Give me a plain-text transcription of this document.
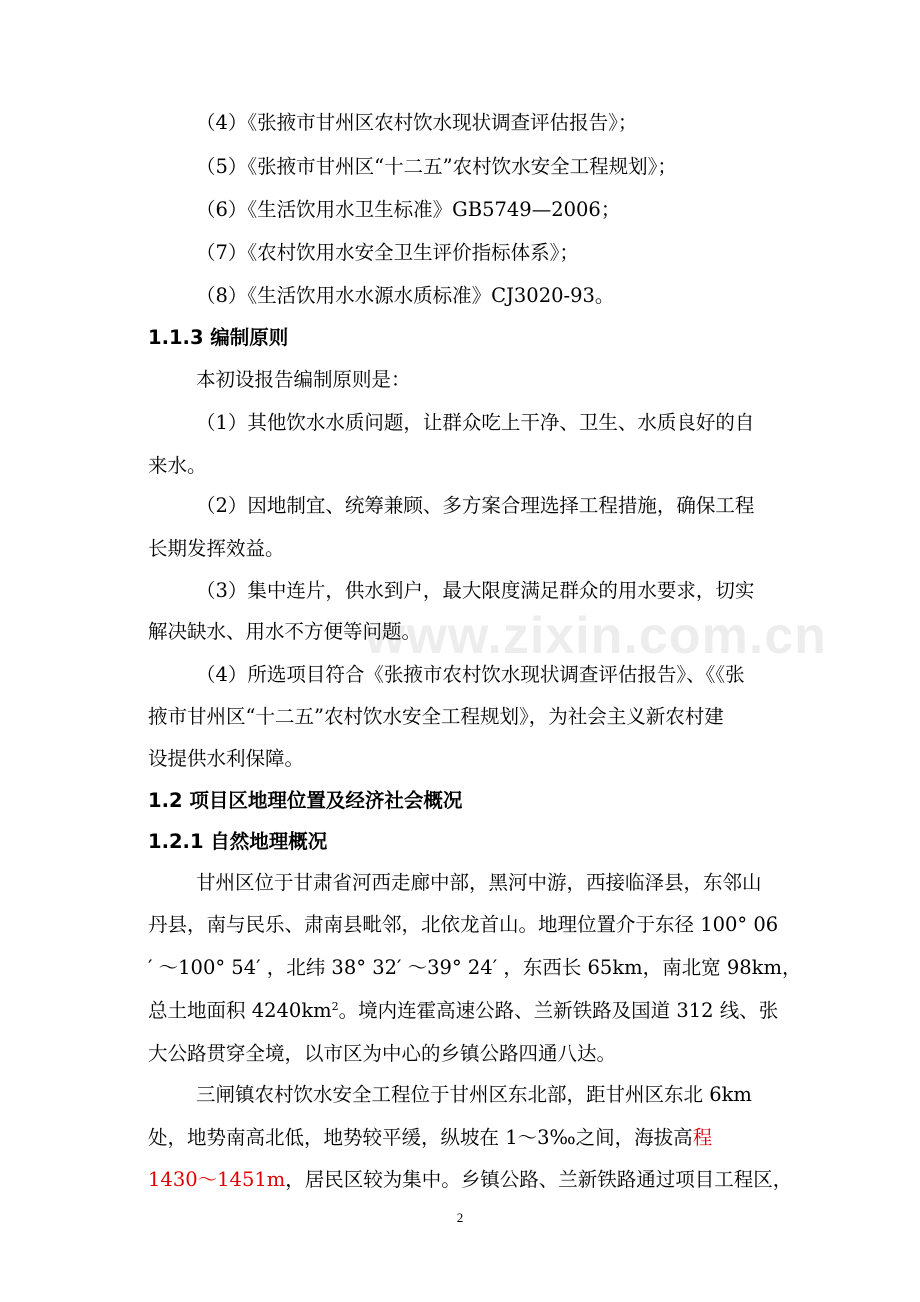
（4）《张掖市甘州区农村饮水现状调查评估报告》；
（5）《张掖市甘州区“十二五”农村饮水安全工程规划》；
（6）《生活饮用水卫生标准》GB5749—2006；
（7）《农村饮用水安全卫生评价指标体系》；
（8）《生活饮用水水源水质标准》CJ3020-93。
1.1.3 编制原则
本初设报告编制原则是：
（1）其他饮水水质问题，让群众吃上干净、卫生、水质良好的自
来水。
（2）因地制宜、统筹兼顾、多方案合理选择工程措施，确保工程
长期发挥效益。
（3）集中连片，供水到户，最大限度满足群众的用水要求，切实
解决缺水、用水不方便等问题。
（4）所选项目符合《张掖市农村饮水现状调查评估报告》、《《张
掖市甘州区“十二五”农村饮水安全工程规划》，为社会主义新农村建
设提供水利保障。
1.2 项目区地理位置及经济社会概况
1.2.1 自然地理概况
甘州区位于甘肃省河西走廊中部，黑河中游，西接临泽县，东邻山
丹县，南与民乐、肃南县毗邻，北依龙首山。地理位置介于东径 100° 06
′ ～100° 54′ ，北纬 38° 32′ ～39° 24′ ，东西长 65km，南北宽 98km，
总土地面积 $4240km^2$。境内连霍高速公路、兰新铁路及国道 312 线、张
大公路贯穿全境，以市区为中心的乡镇公路四通八达。
三闸镇农村饮水安全工程位于甘州区东北部，距甘州区东北 6km
处，地势南高北低，地势较平缓，纵坡在 1～3‰之间，海拔高程
1430～1451m，居民区较为集中。乡镇公路、兰新铁路通过项目工程区，
www.zixin.com.cn
2
